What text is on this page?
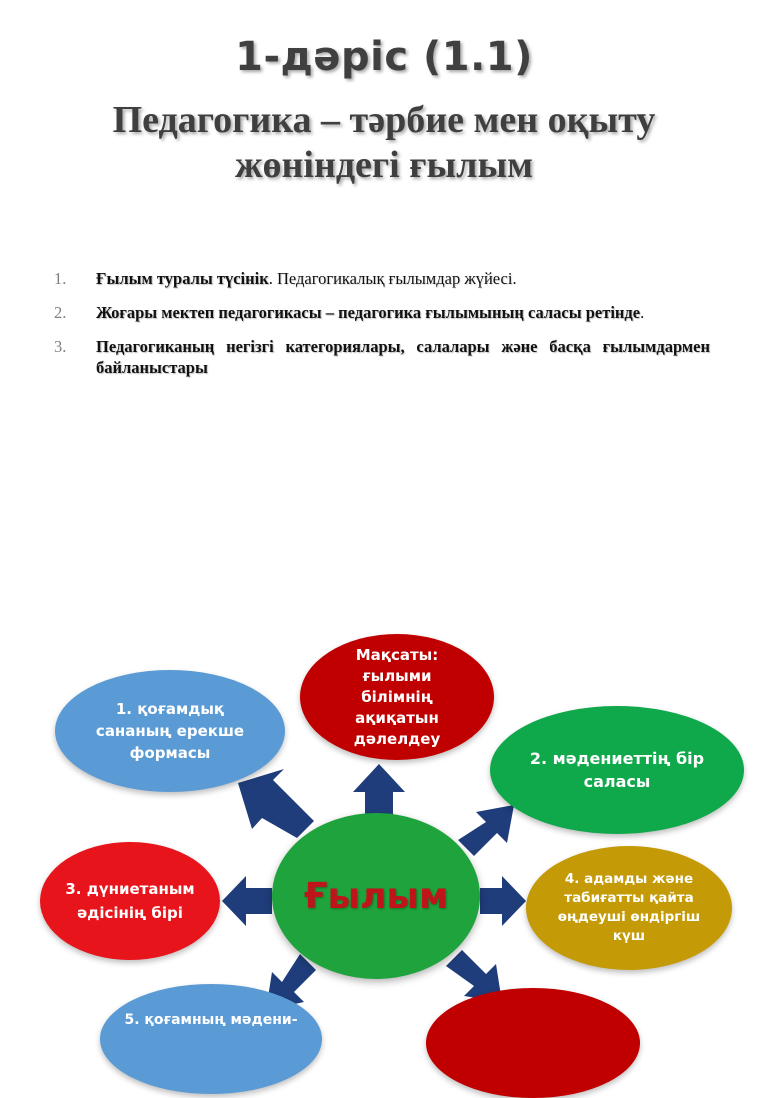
1-дәріс (1.1)
Педагогика – тәрбие мен оқыту жөніндегі ғылым
1. Ғылым туралы түсінік. Педагогикалық ғылымдар жүйесі.
2. Жоғары мектеп педагогикасы – педагогика ғылымының саласы ретінде.
3. Педагогиканың негізгі категориялары, салалары және басқа ғылымдармен байланыстары
Мақсаты:
ғылыми
білімнің
ақиқатын
дәлелдеу
1. қоғамдық
сананың ерекше
формасы	2. мәдениеттің бір
саласы
3. дүниетаным
әдісінің бірі	Ғылым	4. адамды және
табиғатты қайта
өңдеуші өндіргіш
күш
5. қоғамның мәдени-
